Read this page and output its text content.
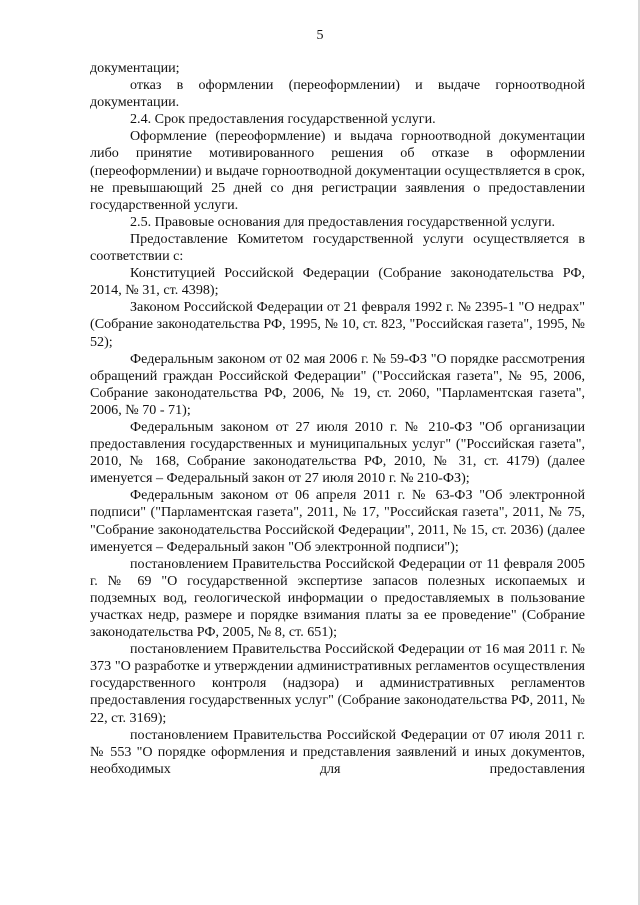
5

документации;

отказ в оформлении (переоформлении) и выдаче горноотводной документации.

2.4. Срок предоставления государственной услуги.

Оформление (переоформление) и выдача горноотводной документации либо принятие мотивированного решения об отказе в оформлении (переоформлении) и выдаче горноотводной документации осуществляется в срок, не превышающий 25 дней со дня регистрации заявления о предоставлении государственной услуги.

2.5. Правовые основания для предоставления государственной услуги.

Предоставление Комитетом государственной услуги осуществляется в соответствии с:

Конституцией Российской Федерации (Собрание законодательства РФ, 2014, № 31, ст. 4398);

Законом Российской Федерации от 21 февраля 1992 г. № 2395-1 "О недрах" (Собрание законодательства РФ, 1995, № 10, ст. 823, "Российская газета", 1995, № 52);

Федеральным законом от 02 мая 2006 г. № 59-ФЗ "О порядке рассмотрения обращений граждан Российской Федерации" ("Российская газета", № 95, 2006, Собрание законодательства РФ, 2006, № 19, ст. 2060, "Парламентская газета", 2006, № 70 - 71);

Федеральным законом от 27 июля 2010 г. № 210-ФЗ "Об организации предоставления государственных и муниципальных услуг" ("Российская газета", 2010, № 168, Собрание законодательства РФ, 2010, № 31, ст. 4179) (далее именуется – Федеральный закон от 27 июля 2010 г. № 210-ФЗ);

Федеральным законом от 06 апреля 2011 г. № 63-ФЗ "Об электронной подписи" ("Парламентская газета", 2011, № 17, "Российская газета", 2011, № 75, "Собрание законодательства Российской Федерации", 2011, № 15, ст. 2036) (далее именуется – Федеральный закон "Об электронной подписи");

постановлением Правительства Российской Федерации от 11 февраля 2005 г. № 69 "О государственной экспертизе запасов полезных ископаемых и подземных вод, геологической информации о предоставляемых в пользование участках недр, размере и порядке взимания платы за ее проведение" (Собрание законодательства РФ, 2005, № 8, ст. 651);

постановлением Правительства Российской Федерации от 16 мая 2011 г. № 373 "О разработке и утверждении административных регламентов осуществления государственного контроля (надзора) и административных регламентов предоставления государственных услуг" (Собрание законодательства РФ, 2011, № 22, ст. 3169);

постановлением Правительства Российской Федерации от 07 июля 2011 г. № 553 "О порядке оформления и представления заявлений и иных документов, необходимых для предоставления
